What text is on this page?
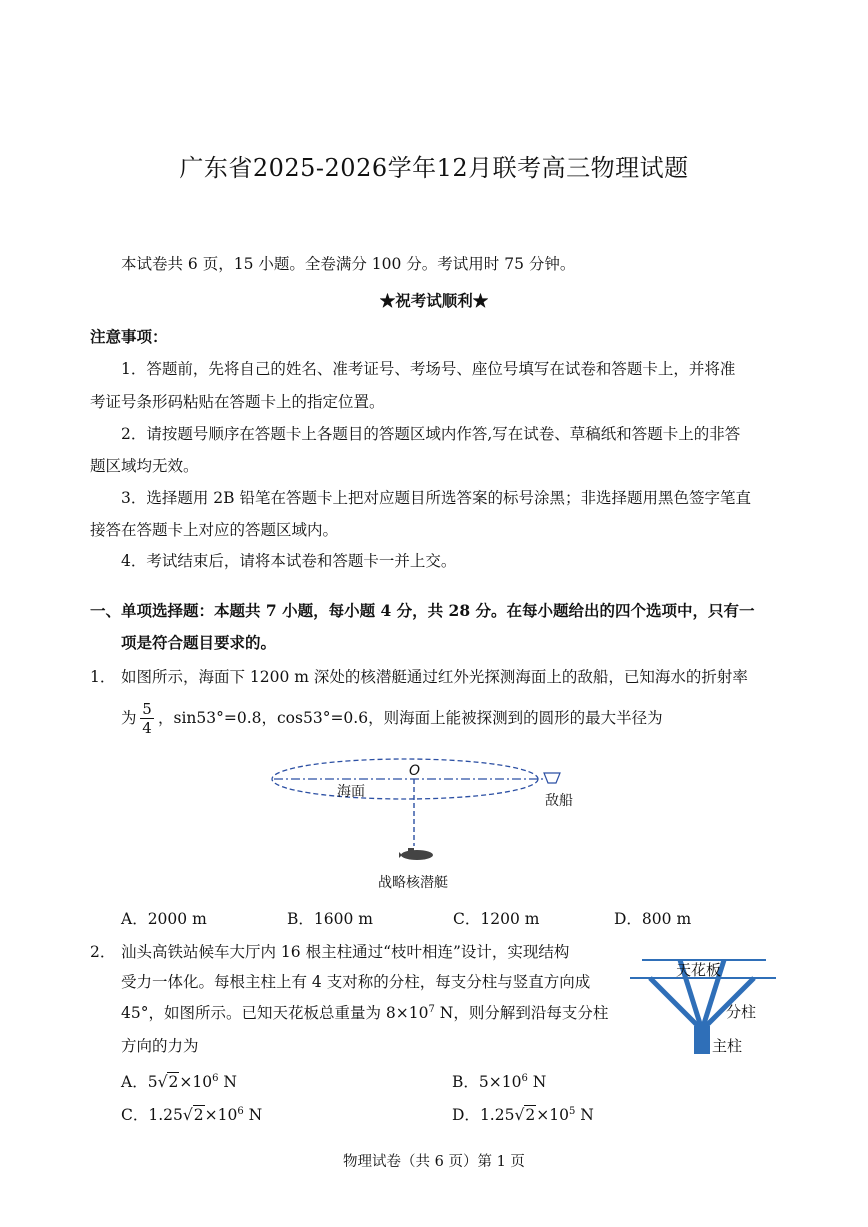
广东省2025-2026学年12月联考高三物理试题
本试卷共 6 页，15 小题。全卷满分 100 分。考试用时 75 分钟。
★祝考试顺利★
注意事项：
1．答题前，先将自己的姓名、准考证号、考场号、座位号填写在试卷和答题卡上，并将准
考证号条形码粘贴在答题卡上的指定位置。
2．请按题号顺序在答题卡上各题目的答题区域内作答,写在试卷、草稿纸和答题卡上的非答
题区域均无效。
3．选择题用 2B 铅笔在答题卡上把对应题目所选答案的标号涂黑；非选择题用黑色签字笔直
接答在答题卡上对应的答题区域内。
4．考试结束后，请将本试卷和答题卡一并上交。
一、单项选择题：本题共 7 小题，每小题 4 分，共 28 分。在每小题给出的四个选项中，只有一
项是符合题目要求的。
1． 如图所示，海面下 1200 m 深处的核潜艇通过红外光探测海面上的敌船，已知海水的折射率
为 $\frac{5}{4}$ ，sin53°=0.8，cos53°=0.6，则海面上能被探测到的圆形的最大半径为
O
海面
敌船
战略核潜艇
A．2000 m	B．1600 m	C．1200 m	D．800 m
2． 汕头高铁站候车大厅内 16 根主柱通过“枝叶相连”设计，实现结构
受力一体化。每根主柱上有 4 支对称的分柱，每支分柱与竖直方向成
45°，如图所示。已知天花板总重量为 $8\times 10^7$ N，则分解到沿每支分柱
方向的力为
天花板
分柱
主柱
A．$5√2\times 10^6$ N	B．$5\times 10^6$ N
C．$1.25√2\times 10^6$ N	D．$1.25√2\times 10^5$ N
物理试卷（共 6 页）第 1 页
